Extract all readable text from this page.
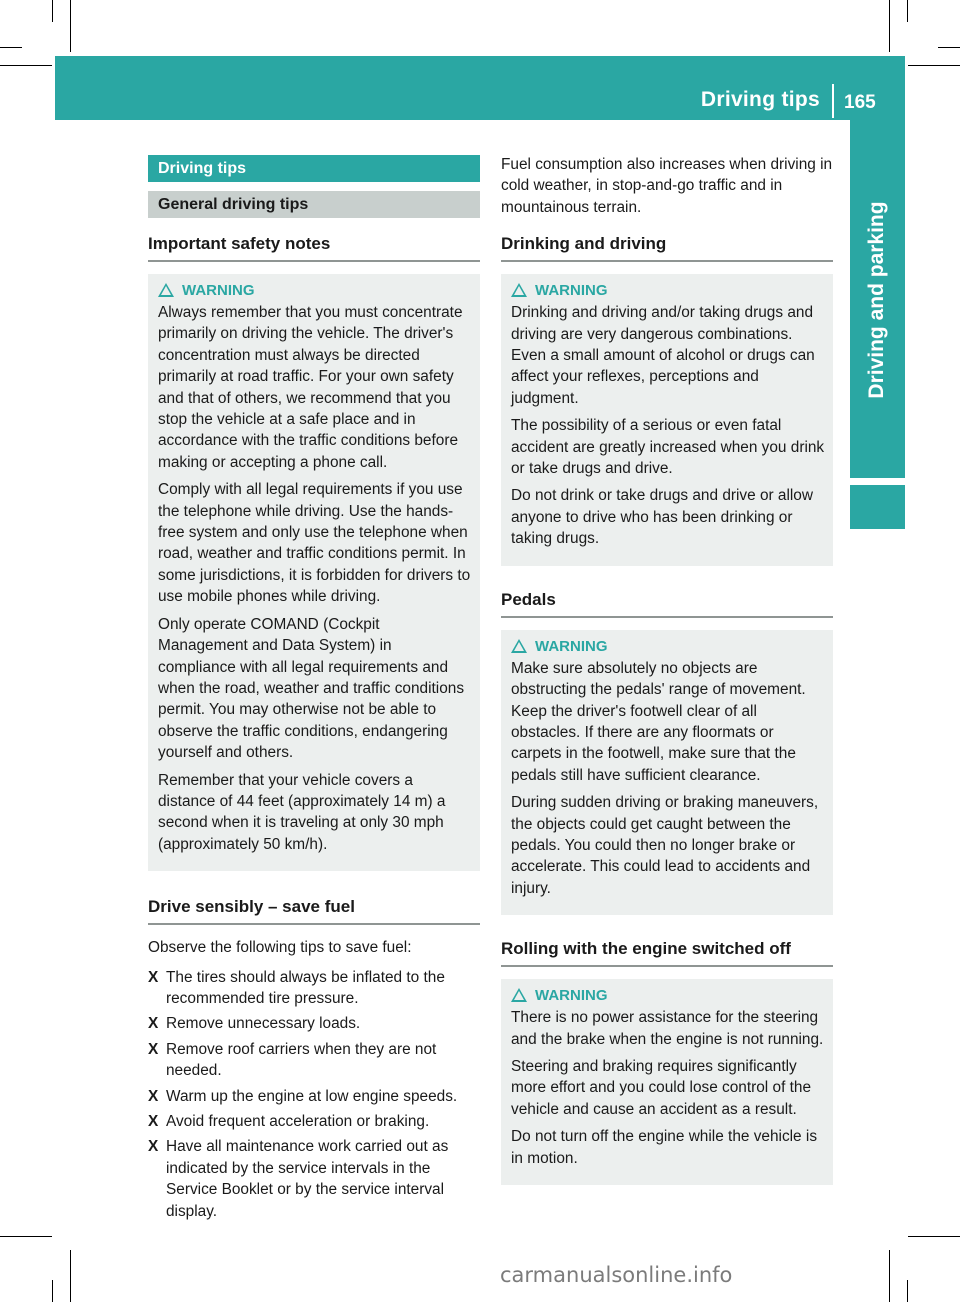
Driving tips 165
Driving and parking
Driving tips
General driving tips
Important safety notes
WARNING

Always remember that you must concentrate primarily on driving the vehicle. The driver's concentration must always be directed primarily at road traffic. For your own safety and that of others, we recommend that you stop the vehicle at a safe place and in accordance with the traffic conditions before making or accepting a phone call.

Comply with all legal requirements if you use the telephone while driving. Use the hands-free system and only use the telephone when road, weather and traffic conditions permit. In some jurisdictions, it is forbidden for drivers to use mobile phones while driving.

Only operate COMAND (Cockpit Management and Data System) in compliance with all legal requirements and when the road, weather and traffic conditions permit. You may otherwise not be able to observe the traffic conditions, endangering yourself and others.

Remember that your vehicle covers a distance of 44 feet (approximately 14 m) a second when it is traveling at only 30 mph (approximately 50 km/h).

Drive sensibly – save fuel

Observe the following tips to save fuel:

X The tires should always be inflated to the recommended tire pressure.
X Remove unnecessary loads.
X Remove roof carriers when they are not needed.
X Warm up the engine at low engine speeds.
X Avoid frequent acceleration or braking.
X Have all maintenance work carried out as indicated by the service intervals in the Service Booklet or by the service interval display.

Fuel consumption also increases when driving in cold weather, in stop-and-go traffic and in mountainous terrain.

Drinking and driving
WARNING

Drinking and driving and/or taking drugs and driving are very dangerous combinations. Even a small amount of alcohol or drugs can affect your reflexes, perceptions and judgment.

The possibility of a serious or even fatal accident are greatly increased when you drink or take drugs and drive.

Do not drink or take drugs and drive or allow anyone to drive who has been drinking or taking drugs.

Pedals
WARNING

Make sure absolutely no objects are obstructing the pedals' range of movement. Keep the driver's footwell clear of all obstacles. If there are any floormats or carpets in the footwell, make sure that the pedals still have sufficient clearance.

During sudden driving or braking maneuvers, the objects could get caught between the pedals. You could then no longer brake or accelerate. This could lead to accidents and injury.

Rolling with the engine switched off
WARNING

There is no power assistance for the steering and the brake when the engine is not running.

Steering and braking requires significantly more effort and you could lose control of the vehicle and cause an accident as a result.

Do not turn off the engine while the vehicle is in motion.

carmanualsonline.info
